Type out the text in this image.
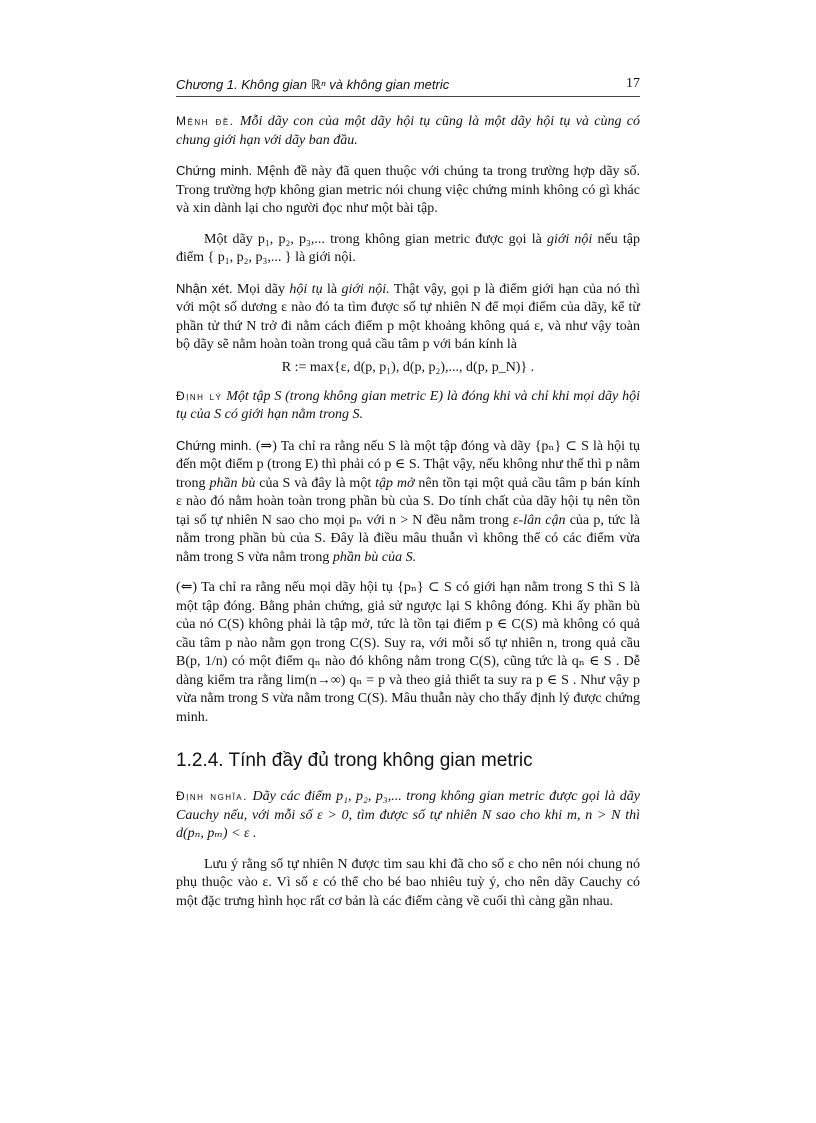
Chương 1. Không gian ℝⁿ và không gian metric	17

Mệnh đề. Mỗi dãy con của một dãy hội tụ cũng là một dãy hội tụ và cùng có chung giới hạn với dãy ban đầu.

Chứng minh. Mệnh đề này đã quen thuộc với chúng ta trong trường hợp dãy số. Trong trường hợp không gian metric nói chung việc chứng minh không có gì khác và xin dành lại cho người đọc như một bài tập.

Một dãy p₁, p₂, p₃,... trong không gian metric được gọi là giới nội nếu tập điểm { p₁, p₂, p₃,... } là giới nội.

Nhận xét. Mọi dãy hội tụ là giới nội. Thật vậy, gọi p là điểm giới hạn của nó thì với một số dương ε nào đó ta tìm được số tự nhiên N để mọi điểm của dãy, kể từ phần tử thứ N trở đi nằm cách điểm p một khoảng không quá ε, và như vậy toàn bộ dãy sẽ nằm hoàn toàn trong quả cầu tâm p với bán kính là

R := max{ε, d(p, p₁), d(p, p₂),..., d(p, p_N)} .

Định lý Một tập S (trong không gian metric E) là đóng khi và chỉ khi mọi dãy hội tụ của S có giới hạn nằm trong S.

Chứng minh. (⇒) Ta chỉ ra rằng nếu S là một tập đóng và dãy {pₙ} ⊂ S là hội tụ đến một điểm p (trong E) thì phải có p ∈ S. Thật vậy, nếu không như thế thì p nằm trong phần bù của S và đây là một tập mở nên tồn tại một quả cầu tâm p bán kính ε nào đó nằm hoàn toàn trong phần bù của S. Do tính chất của dãy hội tụ nên tồn tại số tự nhiên N sao cho mọi pₙ với n > N đều nằm trong ε-lân cận của p, tức là nằm trong phần bù của S. Đây là điều mâu thuẫn vì không thể có các điểm vừa nằm trong S vừa nằm trong phần bù của S.

(⇐) Ta chỉ ra rằng nếu mọi dãy hội tụ {pₙ} ⊂ S có giới hạn nằm trong S thì S là một tập đóng. Bằng phản chứng, giả sử ngược lại S không đóng. Khi ấy phần bù của nó C(S) không phải là tập mở, tức là tồn tại điểm p ∈ C(S) mà không có quả cầu tâm p nào nằm gọn trong C(S). Suy ra, với mỗi số tự nhiên n, trong quả cầu B(p, 1/n) có một điểm qₙ nào đó không nằm trong C(S), cũng tức là qₙ ∈ S . Dễ dàng kiểm tra rằng lim(n→∞) qₙ = p và theo giả thiết ta suy ra p ∈ S . Như vậy p vừa nằm trong S vừa nằm trong C(S). Mâu thuẫn này cho thấy định lý được chứng minh.

1.2.4. Tính đầy đủ trong không gian metric

Định nghĩa. Dãy các điểm p₁, p₂, p₃,... trong không gian metric được gọi là dãy Cauchy nếu, với mỗi số ε > 0, tìm được số tự nhiên N sao cho khi m, n > N thì d(pₙ, pₘ) < ε .

Lưu ý rằng số tự nhiên N được tìm sau khi đã cho số ε cho nên nói chung nó phụ thuộc vào ε. Vì số ε có thể cho bé bao nhiêu tuỳ ý, cho nên dãy Cauchy có một đặc trưng hình học rất cơ bản là các điểm càng về cuối thì càng gần nhau.
